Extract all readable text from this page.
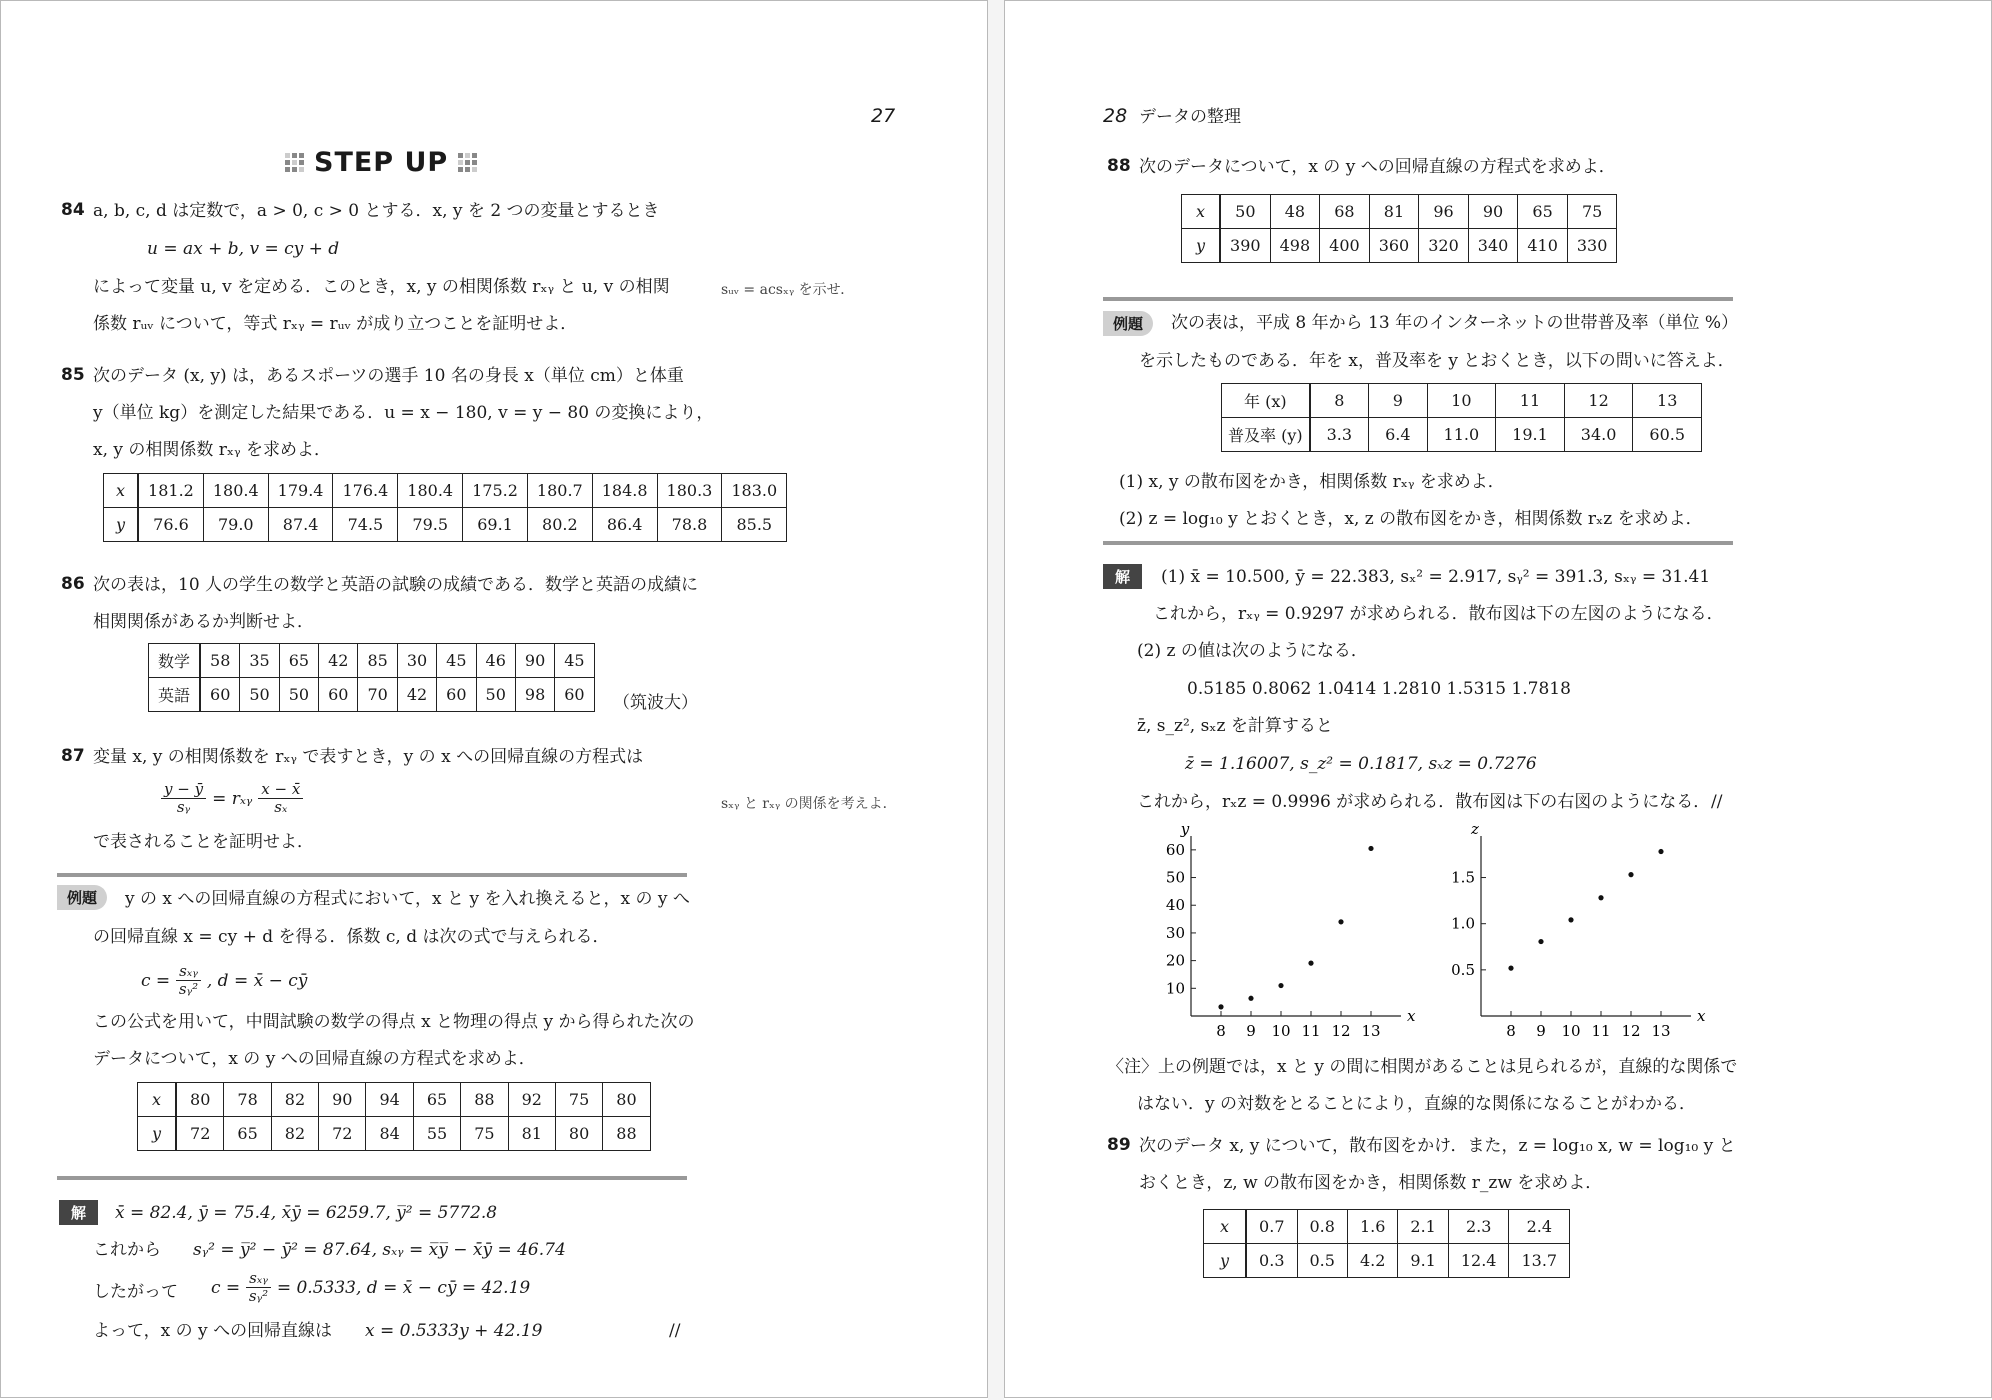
27
STEP UP
84 a, b, c, d は定数で，a > 0, c > 0 とする．x, y を 2 つの変量とするとき
u = ax + b, v = cy + d
によって変量 u, v を定める．このとき，x, y の相関係数 rₓᵧ と u, v の相関
係数 rᵤᵥ について，等式 rₓᵧ = rᵤᵥ が成り立つことを証明せよ．
sᵤᵥ = acsₓᵧ を示せ．
85 次のデータ (x, y) は，あるスポーツの選手 10 名の身長 x（単位 cm）と体重
y（単位 kg）を測定した結果である．u = x − 180, v = y − 80 の変換により，
x, y の相関係数 rₓᵧ を求めよ．
x	181.2	180.4	179.4	176.4	180.4	175.2	180.7	184.8	180.3	183.0
y	76.6	79.0	87.4	74.5	79.5	69.1	80.2	86.4	78.8	85.5
86 次の表は，10 人の学生の数学と英語の試験の成績である．数学と英語の成績に
相関関係があるか判断せよ．
数学	58	35	65	42	85	30	45	46	90	45
英語	60	50	50	60	70	42	60	50	98	60 （筑波大）
87 変量 x, y の相関係数を rₓᵧ で表すとき，y の x への回帰直線の方程式は
$\frac{y - ȳ}{\text{sᵧ}}$ = rₓᵧ $\frac{x - x̄}{\text{sₓ}}$
で表されることを証明せよ．
sₓᵧ と rₓᵧ の関係を考えよ．
例題	y の x への回帰直線の方程式において，x と y を入れ換えると，x の y へ
の回帰直線 x = cy + d を得る．係数 c, d は次の式で与えられる．
$c = \frac{\text{sₓᵧ}}{\text{sᵧ²}}$ , d = x̄ − cȳ
この公式を用いて，中間試験の数学の得点 x と物理の得点 y から得られた次の
データについて，x の y への回帰直線の方程式を求めよ．
x	80	78	82	90	94	65	88	92	75	80
y	72	65	82	72	84	55	75	81	80	88
解	x̄ = 82.4, ȳ = 75.4, x̄ȳ = 6259.7, y̅² = 5772.8
これから sᵧ² = y̅² − ȳ² = 87.64, sₓᵧ = x̅y̅ − x̄ȳ = 46.74
したがって $c = \frac{\text{sₓᵧ}}{\text{sᵧ²}} = 0.5333$, d = x̄ − cȳ = 42.19
よって，x の y への回帰直線は x = 0.5333y + 42.19	//
28 データの整理
88 次のデータについて，x の y への回帰直線の方程式を求めよ．
x	50	48	68	81	96	90	65	75
y	390	498	400	360	320	340	410	330
例題	次の表は，平成 8 年から 13 年のインターネットの世帯普及率（単位 %）
を示したものである．年を x，普及率を y とおくとき，以下の問いに答えよ．
年 (x)	8	9	10	11	12	13
普及率 (y)	3.3	6.4	11.0	19.1	34.0	60.5
(1) x, y の散布図をかき，相関係数 rₓᵧ を求めよ．
(2) z = log₁₀ y とおくとき，x, z の散布図をかき，相関係数 rₓz を求めよ．
解	(1) x̄ = 10.500, ȳ = 22.383, sₓ² = 2.917, sᵧ² = 391.3, sₓᵧ = 31.41
これから，rₓᵧ = 0.9297 が求められる．散布図は下の左図のようになる．
(2) z の値は次のようになる．
0.5185 0.8062 1.0414 1.2810 1.5315 1.7818
z̄, s_z², sₓz を計算すると
z̄ = 1.16007, s_z² = 0.1817, sₓz = 0.7276
これから，rₓz = 0.9996 が求められる．散布図は下の右図のようになる． //
x
y
8 9 10 11 12 13
10
20
30
40
50
60
x
z
8 9 10 11 12 13
0.5
1.0
1.5
〈注〉上の例題では，x と y の間に相関があることは見られるが，直線的な関係で
はない．y の対数をとることにより，直線的な関係になることがわかる．
89 次のデータ x, y について，散布図をかけ．また，z = log₁₀ x, w = log₁₀ y と
おくとき，z, w の散布図をかき，相関係数 r_zw を求めよ．
x	0.7	0.8	1.6	2.1	2.3	2.4
y	0.3	0.5	4.2	9.1	12.4	13.7
